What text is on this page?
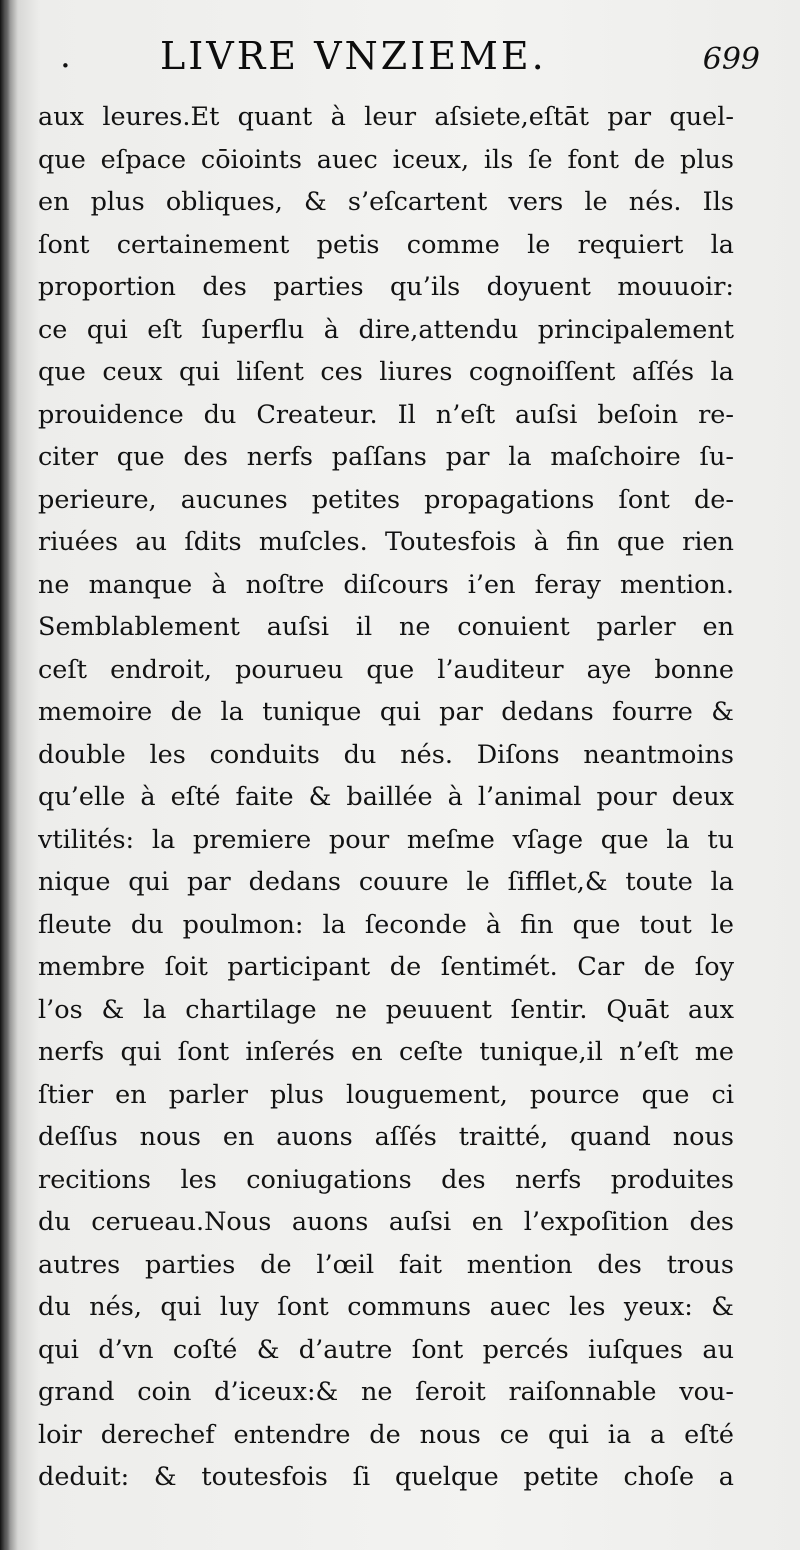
. LIVRE VNZIEME.	699
aux leures.Et quant à leur aſsiete,eſtāt par quel-
que eſpace cōioints auec iceux, ils ſe font de plus
en plus obliques, & s’eſcartent vers le nés. Ils
ſont certainement petis comme le requiert la
proportion des parties qu’ils doyuent mouuoir:
ce qui eſt ſuperflu à dire,attendu principalement
que ceux qui liſent ces liures cognoiſſent aſſés la
prouidence du Createur. Il n’eſt auſsi beſoin re-
citer que des nerfs paſſans par la maſchoire ſu-
perieure, aucunes petites propagations ſont de-
riuées au ſdits muſcles. Toutesfois à fin que rien
ne manque à noſtre diſcours i’en feray mention.
Semblablement auſsi il ne conuient parler en
ceſt endroit, pourueu que l’auditeur aye bonne
memoire de la tunique qui par dedans fourre &
double les conduits du nés. Diſons neantmoins
qu’elle à eſté faite & baillée à l’animal pour deux
vtilités: la premiere pour meſme vſage que la tu
nique qui par dedans couure le ſifflet,& toute la
fleute du poulmon: la ſeconde à fin que tout le
membre ſoit participant de ſentimét. Car de ſoy
l’os & la chartilage ne peuuent ſentir. Quāt aux
nerfs qui ſont inſerés en ceſte tunique,il n’eſt me
ſtier en parler plus louguement, pource que ci
deſſus nous en auons aſſés traitté, quand nous
recitions les coniugations des nerfs produites
du cerueau.Nous auons auſsi en l’expoſition des
autres parties de l’œil fait mention des trous
du nés, qui luy ſont communs auec les yeux: &
qui d’vn coſté & d’autre ſont percés iuſques au
grand coin d’iceux:& ne ſeroit raiſonnable vou-
loir derechef entendre de nous ce qui ia a eſté
deduit: & toutesfois ſi quelque petite choſe a
